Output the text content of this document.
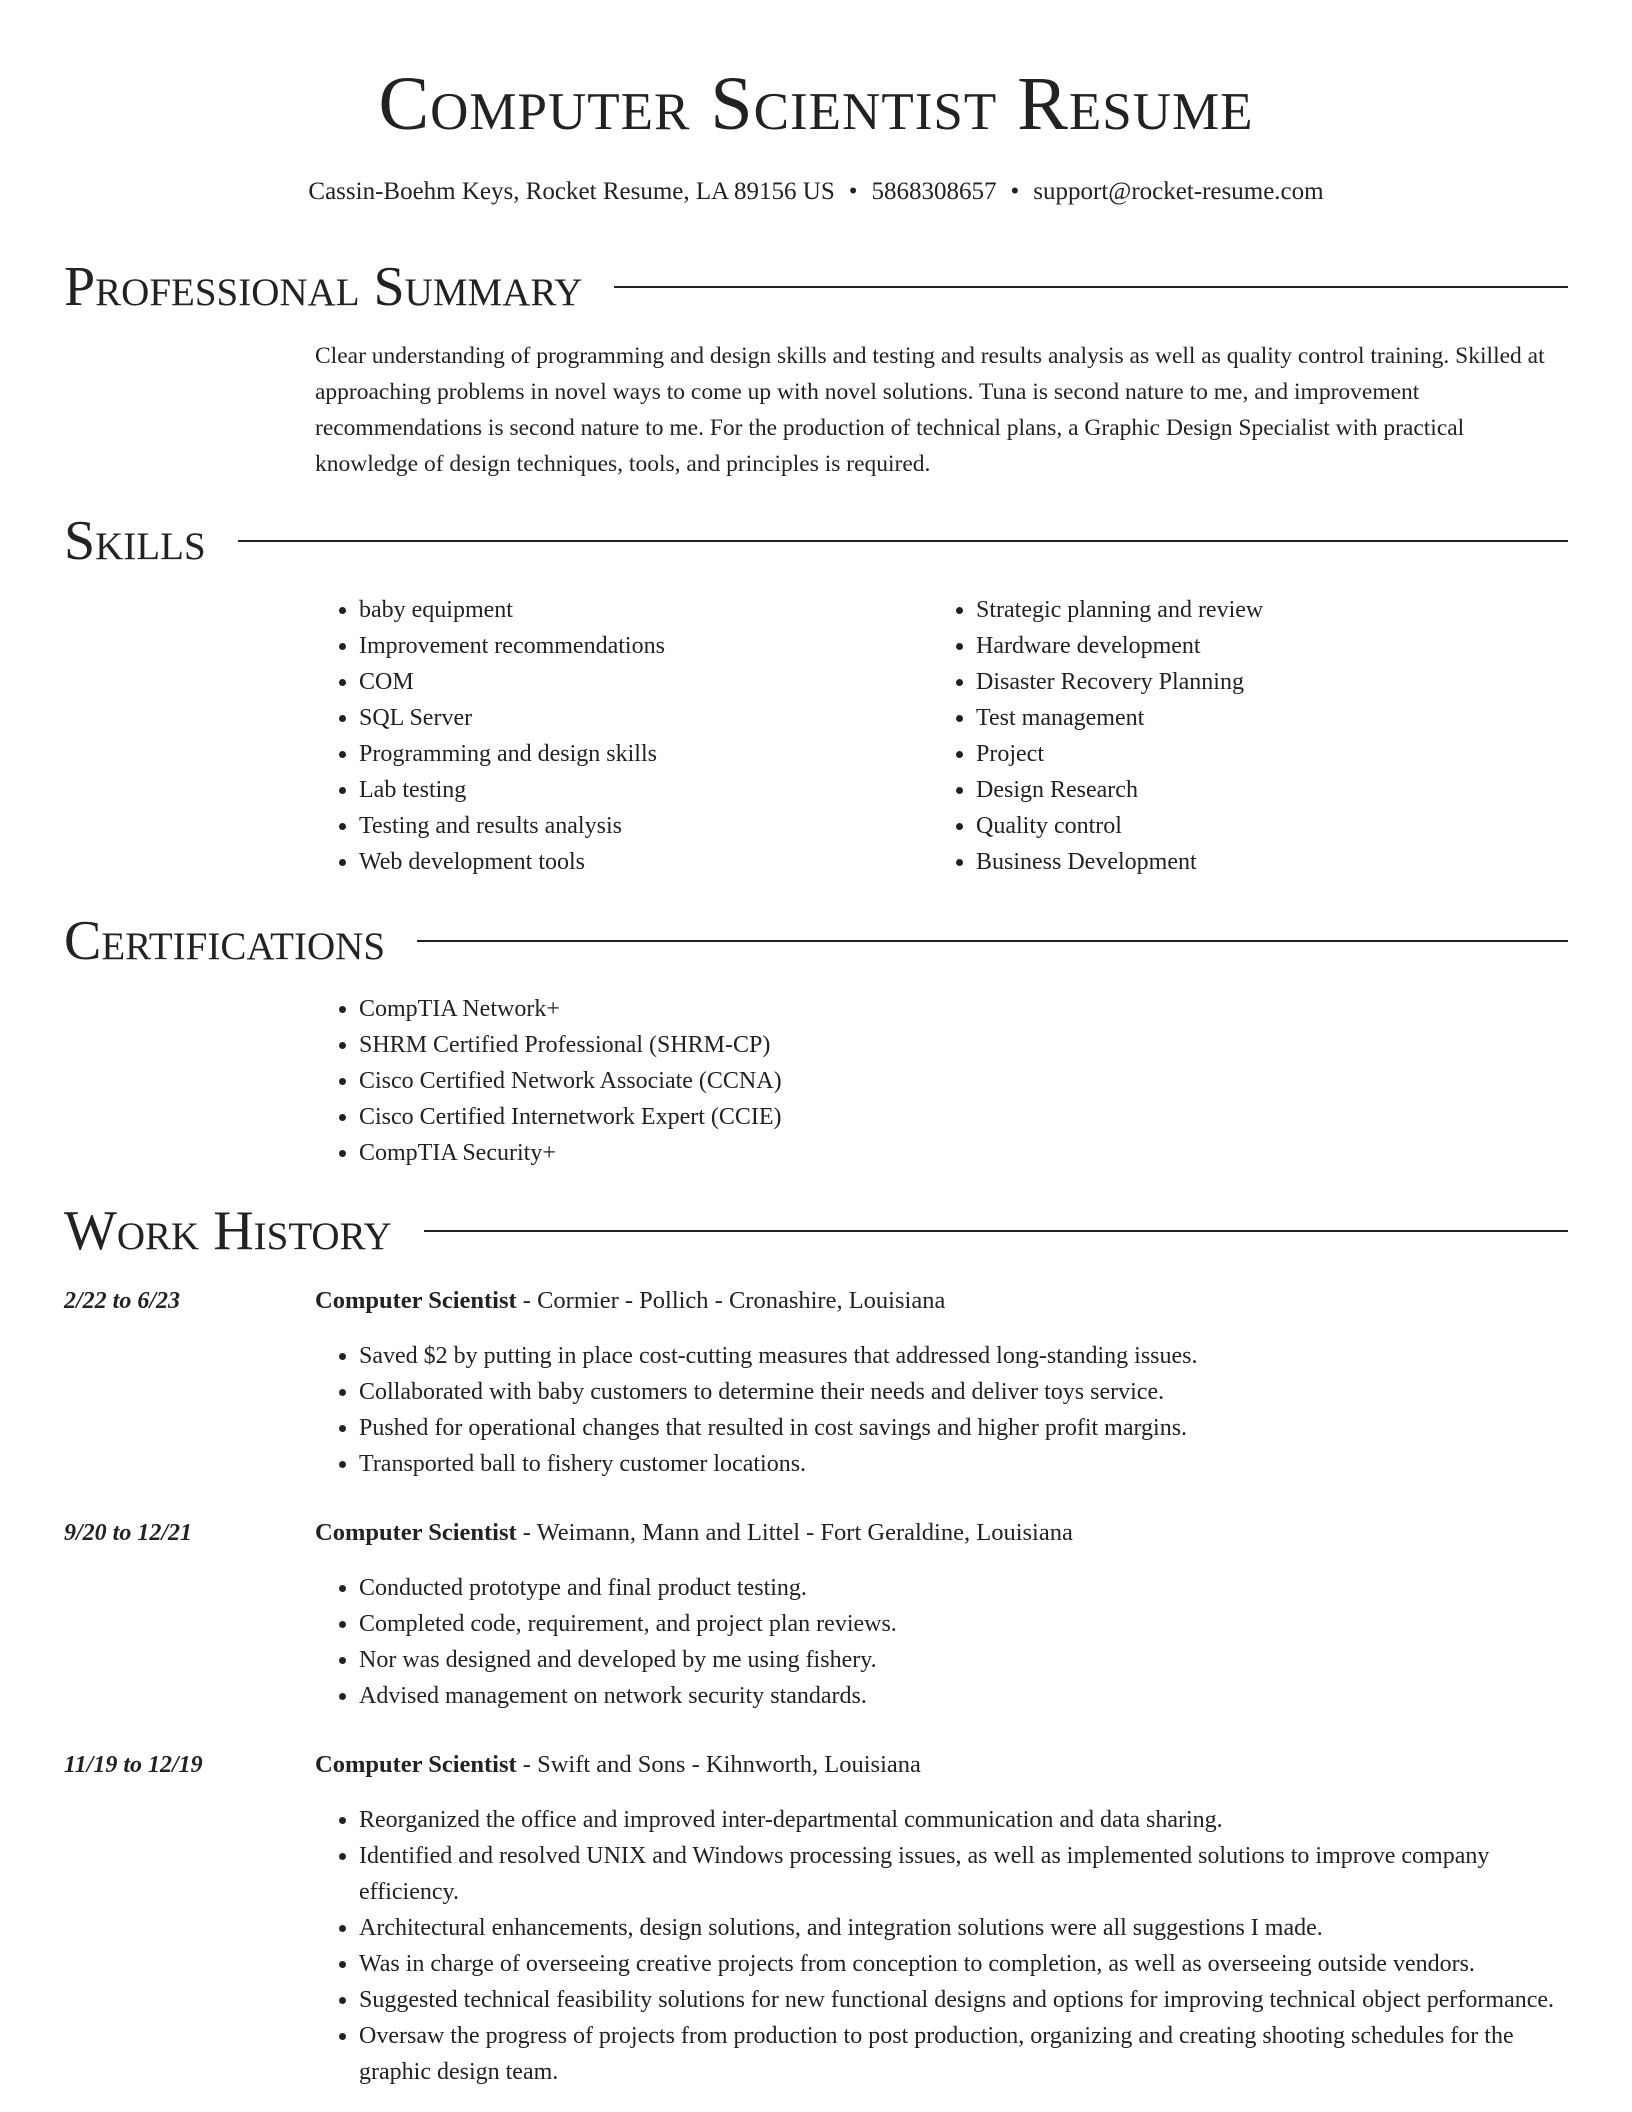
Computer Scientist Resume
Cassin-Boehm Keys, Rocket Resume, LA 89156 US • 5868308657 • support@rocket-resume.com
Professional Summary

Clear understanding of programming and design skills and testing and results analysis as well as quality control training. Skilled at approaching problems in novel ways to come up with novel solutions. Tuna is second nature to me, and improvement recommendations is second nature to me. For the production of technical plans, a Graphic Design Specialist with practical knowledge of design techniques, tools, and principles is required.

Skills
• baby equipment
• Improvement recommendations
• COM
• SQL Server
• Programming and design skills
• Lab testing
• Testing and results analysis
• Web development tools
• Strategic planning and review
• Hardware development
• Disaster Recovery Planning
• Test management
• Project
• Design Research
• Quality control
• Business Development
Certifications
• CompTIA Network+
• SHRM Certified Professional (SHRM-CP)
• Cisco Certified Network Associate (CCNA)
• Cisco Certified Internetwork Expert (CCIE)
• CompTIA Security+
Work History
2/22 to 6/23	Computer Scientist - Cormier - Pollich - Cronashire, Louisiana
• Saved $2 by putting in place cost-cutting measures that addressed long-standing issues.
• Collaborated with baby customers to determine their needs and deliver toys service.
• Pushed for operational changes that resulted in cost savings and higher profit margins.
• Transported ball to fishery customer locations.
9/20 to 12/21	Computer Scientist - Weimann, Mann and Littel - Fort Geraldine, Louisiana
• Conducted prototype and final product testing.
• Completed code, requirement, and project plan reviews.
• Nor was designed and developed by me using fishery.
• Advised management on network security standards.
11/19 to 12/19	Computer Scientist - Swift and Sons - Kihnworth, Louisiana
• Reorganized the office and improved inter-departmental communication and data sharing.
• Identified and resolved UNIX and Windows processing issues, as well as implemented solutions to improve company efficiency.
• Architectural enhancements, design solutions, and integration solutions were all suggestions I made.
• Was in charge of overseeing creative projects from conception to completion, as well as overseeing outside vendors.
• Suggested technical feasibility solutions for new functional designs and options for improving technical object performance.
• Oversaw the progress of projects from production to post production, organizing and creating shooting schedules for the graphic design team.
